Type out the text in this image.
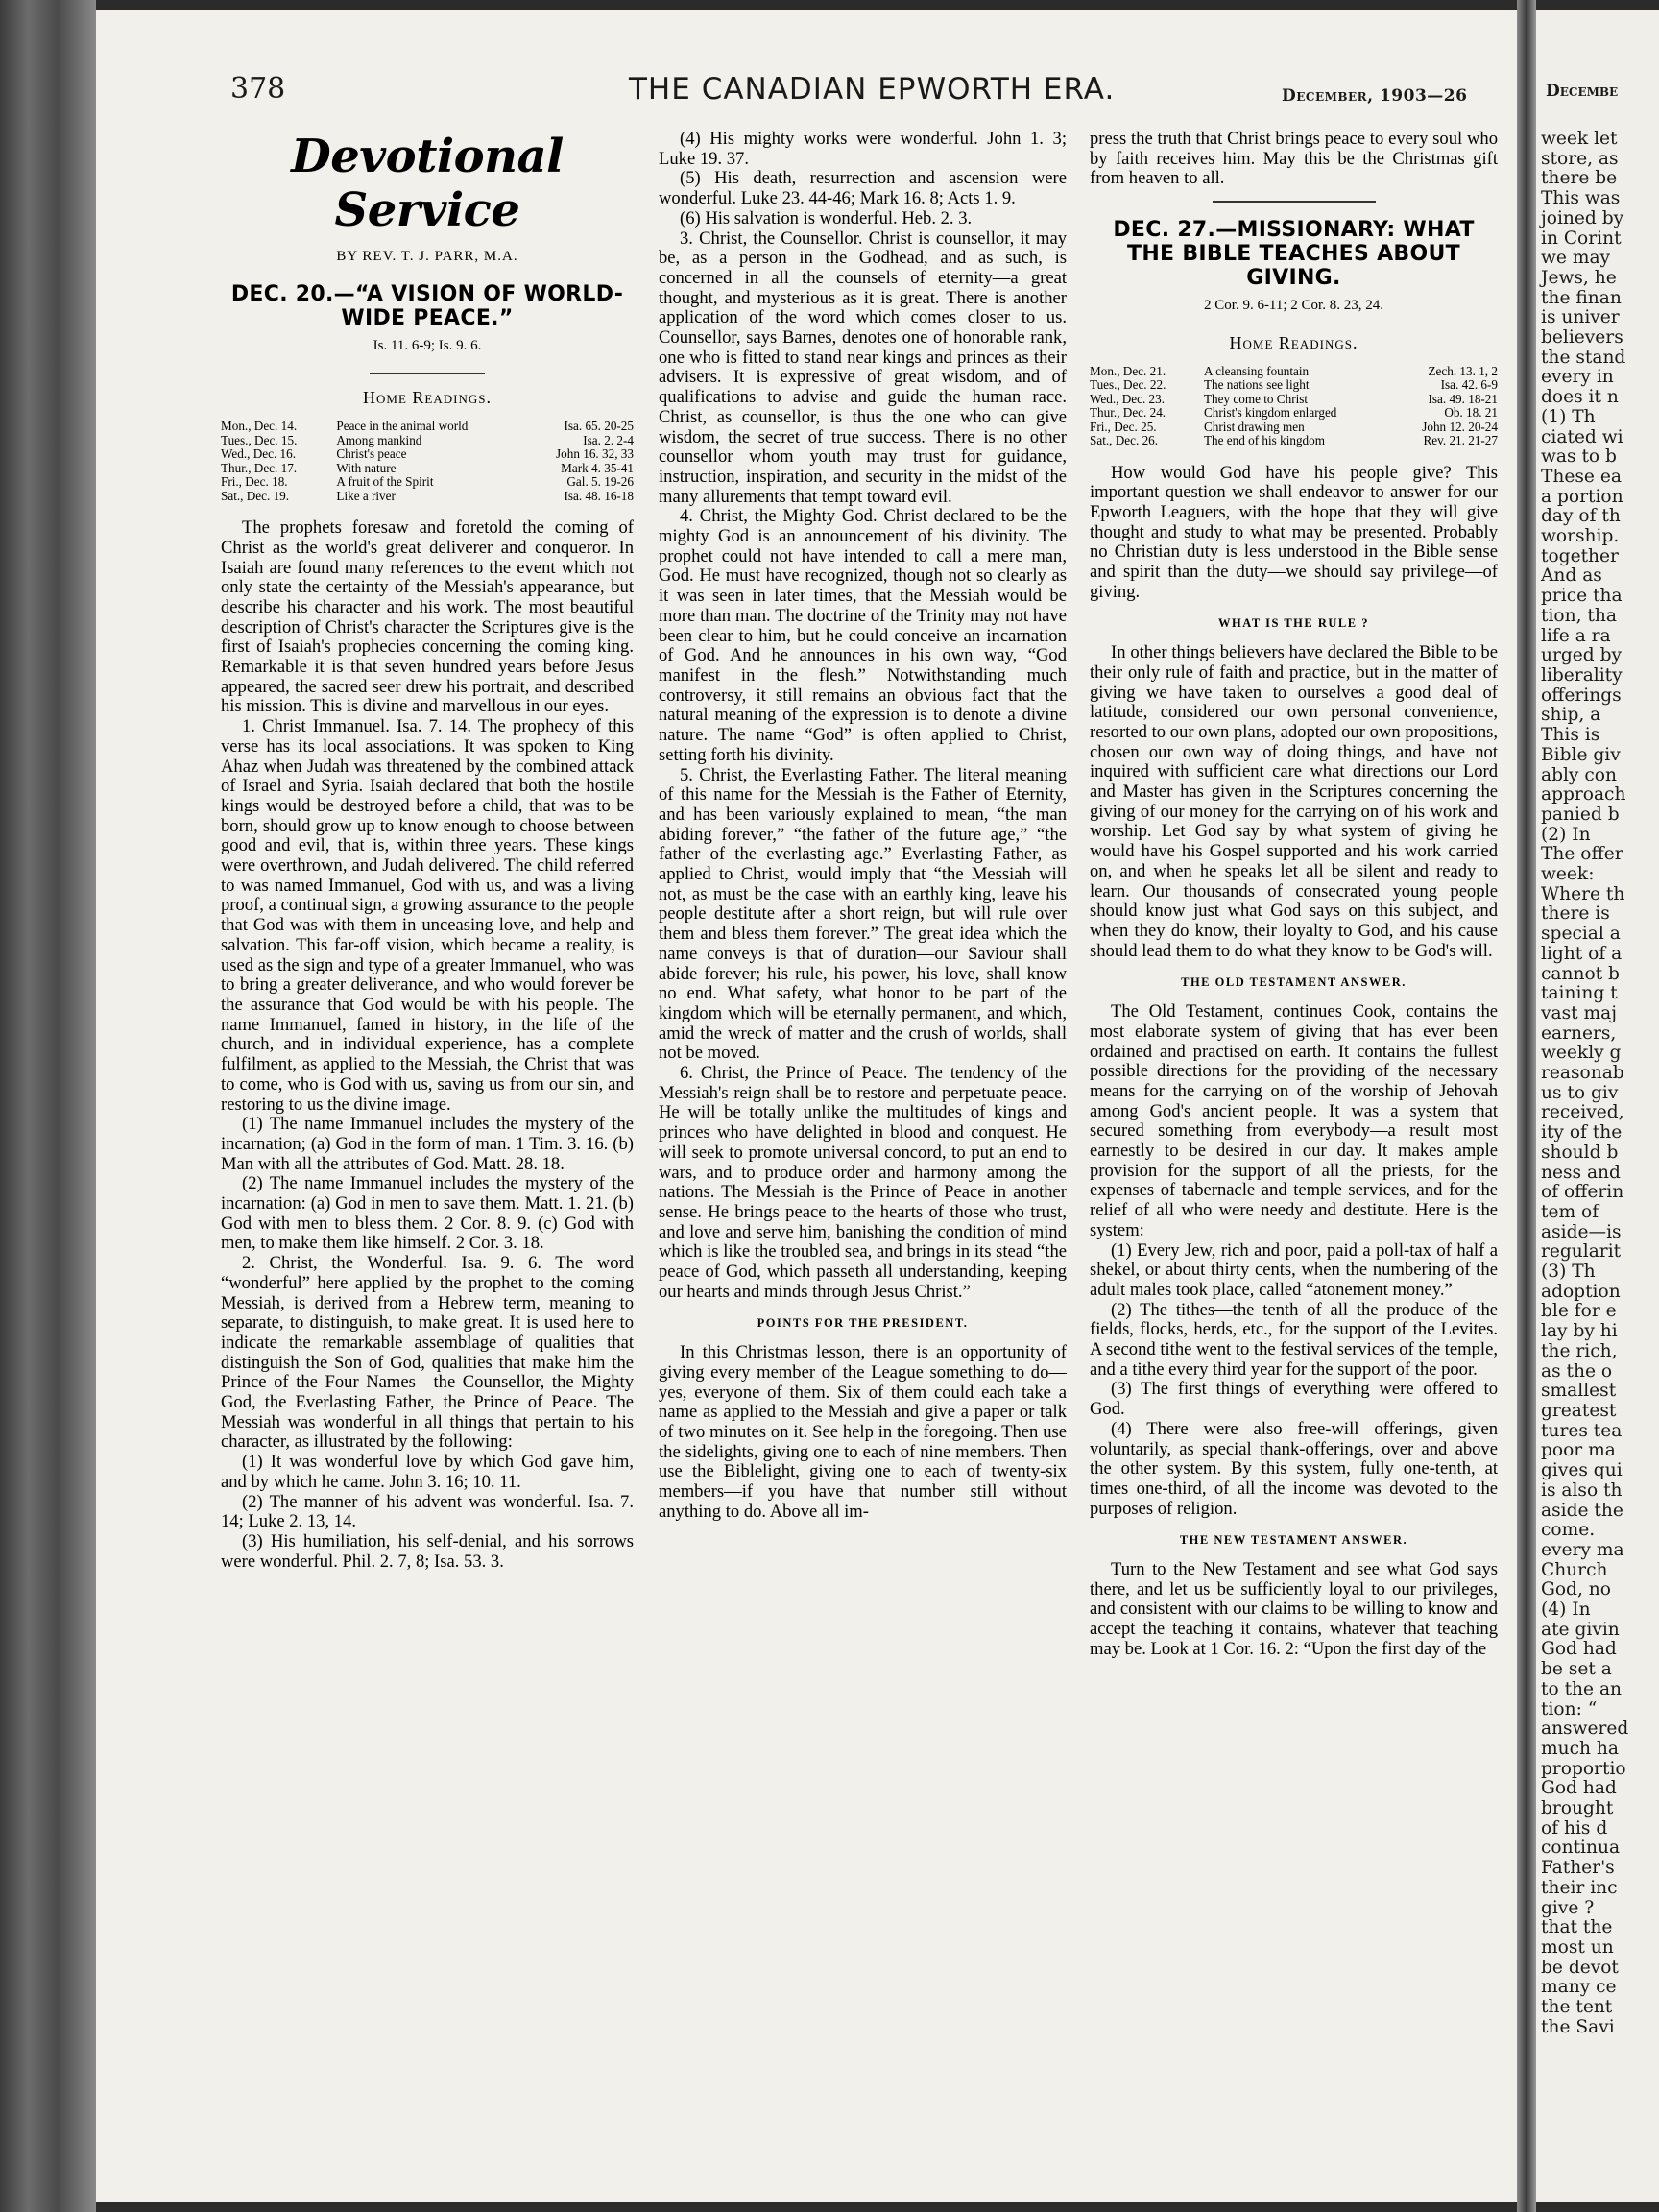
378	THE CANADIAN EPWORTH ERA.	December, 1903—26
Devotional Service
BY REV. T. J. PARR, M.A.
DEC. 20.—“A VISION OF WORLD-WIDE PEACE.”
Is. 11. 6-9; Is. 9. 6.
Home Readings.
Mon., Dec. 14.	Peace in the animal world	Isa. 65. 20-25
Tues., Dec. 15.	Among mankind	Isa. 2. 2-4
Wed., Dec. 16.	Christ's peace	John 16. 32, 33
Thur., Dec. 17.	With nature	Mark 4. 35-41
Fri., Dec. 18.	A fruit of the Spirit	Gal. 5. 19-26
Sat., Dec. 19.	Like a river	Isa. 48. 16-18

The prophets foresaw and foretold the coming of Christ as the world's great deliverer and conqueror. In Isaiah are found many references to the event which not only state the certainty of the Messiah's appearance, but describe his character and his work. The most beautiful description of Christ's character the Scriptures give is the first of Isaiah's prophecies concerning the coming king. Remarkable it is that seven hundred years before Jesus appeared, the sacred seer drew his portrait, and described his mission. This is divine and marvellous in our eyes.

1. Christ Immanuel. Isa. 7. 14. The prophecy of this verse has its local associations. It was spoken to King Ahaz when Judah was threatened by the combined attack of Israel and Syria. Isaiah declared that both the hostile kings would be destroyed before a child, that was to be born, should grow up to know enough to choose between good and evil, that is, within three years. These kings were overthrown, and Judah delivered. The child referred to was named Immanuel, God with us, and was a living proof, a continual sign, a growing assurance to the people that God was with them in unceasing love, and help and salvation. This far-off vision, which became a reality, is used as the sign and type of a greater Immanuel, who was to bring a greater deliverance, and who would forever be the assurance that God would be with his people. The name Immanuel, famed in history, in the life of the church, and in individual experience, has a complete fulfilment, as applied to the Messiah, the Christ that was to come, who is God with us, saving us from our sin, and restoring to us the divine image.

(1) The name Immanuel includes the mystery of the incarnation; (a) God in the form of man. 1 Tim. 3. 16. (b) Man with all the attributes of God. Matt. 28. 18.

(2) The name Immanuel includes the mystery of the incarnation: (a) God in men to save them. Matt. 1. 21. (b) God with men to bless them. 2 Cor. 8. 9. (c) God with men, to make them like himself. 2 Cor. 3. 18.

2. Christ, the Wonderful. Isa. 9. 6. The word “wonderful” here applied by the prophet to the coming Messiah, is derived from a Hebrew term, meaning to separate, to distinguish, to make great. It is used here to indicate the remarkable assemblage of qualities that distinguish the Son of God, qualities that make him the Prince of the Four Names—the Counsellor, the Mighty God, the Everlasting Father, the Prince of Peace. The Messiah was wonderful in all things that pertain to his character, as illustrated by the following:

(1) It was wonderful love by which God gave him, and by which he came. John 3. 16; 10. 11.

(2) The manner of his advent was wonderful. Isa. 7. 14; Luke 2. 13, 14.

(3) His humiliation, his self-denial, and his sorrows were wonderful. Phil. 2. 7, 8; Isa. 53. 3.

(4) His mighty works were wonderful. John 1. 3; Luke 19. 37.

(5) His death, resurrection and ascension were wonderful. Luke 23. 44-46; Mark 16. 8; Acts 1. 9.

(6) His salvation is wonderful. Heb. 2. 3.

3. Christ, the Counsellor. Christ is counsellor, it may be, as a person in the Godhead, and as such, is concerned in all the counsels of eternity—a great thought, and mysterious as it is great. There is another application of the word which comes closer to us. Counsellor, says Barnes, denotes one of honorable rank, one who is fitted to stand near kings and princes as their advisers. It is expressive of great wisdom, and of qualifications to advise and guide the human race. Christ, as counsellor, is thus the one who can give wisdom, the secret of true success. There is no other counsellor whom youth may trust for guidance, instruction, inspiration, and security in the midst of the many allurements that tempt toward evil.

4. Christ, the Mighty God. Christ declared to be the mighty God is an announcement of his divinity. The prophet could not have intended to call a mere man, God. He must have recognized, though not so clearly as it was seen in later times, that the Messiah would be more than man. The doctrine of the Trinity may not have been clear to him, but he could conceive an incarnation of God. And he announces in his own way, “God manifest in the flesh.” Notwithstanding much controversy, it still remains an obvious fact that the natural meaning of the expression is to denote a divine nature. The name “God” is often applied to Christ, setting forth his divinity.

5. Christ, the Everlasting Father. The literal meaning of this name for the Messiah is the Father of Eternity, and has been variously explained to mean, “the man abiding forever,” “the father of the future age,” “the father of the everlasting age.” Everlasting Father, as applied to Christ, would imply that “the Messiah will not, as must be the case with an earthly king, leave his people destitute after a short reign, but will rule over them and bless them forever.” The great idea which the name conveys is that of duration—our Saviour shall abide forever; his rule, his power, his love, shall know no end. What safety, what honor to be part of the kingdom which will be eternally permanent, and which, amid the wreck of matter and the crush of worlds, shall not be moved.

6. Christ, the Prince of Peace. The tendency of the Messiah's reign shall be to restore and perpetuate peace. He will be totally unlike the multitudes of kings and princes who have delighted in blood and conquest. He will seek to promote universal concord, to put an end to wars, and to produce order and harmony among the nations. The Messiah is the Prince of Peace in another sense. He brings peace to the hearts of those who trust, and love and serve him, banishing the condition of mind which is like the troubled sea, and brings in its stead “the peace of God, which passeth all understanding, keeping our hearts and minds through Jesus Christ.”

POINTS FOR THE PRESIDENT.

In this Christmas lesson, there is an opportunity of giving every member of the League something to do—yes, everyone of them. Six of them could each take a name as applied to the Messiah and give a paper or talk of two minutes on it. See help in the foregoing. Then use the sidelights, giving one to each of nine members. Then use the Biblelight, giving one to each of twenty-six members—if you have that number still without anything to do. Above all im-

press the truth that Christ brings peace to every soul who by faith receives him. May this be the Christmas gift from heaven to all.

DEC. 27.—MISSIONARY: WHAT THE BIBLE TEACHES ABOUT GIVING.
2 Cor. 9. 6-11; 2 Cor. 8. 23, 24.
Home Readings.
Mon., Dec. 21.	A cleansing fountain	Zech. 13. 1, 2
Tues., Dec. 22.	The nations see light	Isa. 42. 6-9
Wed., Dec. 23.	They come to Christ	Isa. 49. 18-21
Thur., Dec. 24.	Christ's kingdom enlarged	Ob. 18. 21
Fri., Dec. 25.	Christ drawing men	John 12. 20-24
Sat., Dec. 26.	The end of his kingdom	Rev. 21. 21-27

How would God have his people give? This important question we shall endeavor to answer for our Epworth Leaguers, with the hope that they will give thought and study to what may be presented. Probably no Christian duty is less understood in the Bible sense and spirit than the duty—we should say privilege—of giving.

WHAT IS THE RULE ?

In other things believers have declared the Bible to be their only rule of faith and practice, but in the matter of giving we have taken to ourselves a good deal of latitude, considered our own personal convenience, resorted to our own plans, adopted our own propositions, chosen our own way of doing things, and have not inquired with sufficient care what directions our Lord and Master has given in the Scriptures concerning the giving of our money for the carrying on of his work and worship. Let God say by what system of giving he would have his Gospel supported and his work carried on, and when he speaks let all be silent and ready to learn. Our thousands of consecrated young people should know just what God says on this subject, and when they do know, their loyalty to God, and his cause should lead them to do what they know to be God's will.

THE OLD TESTAMENT ANSWER.

The Old Testament, continues Cook, contains the most elaborate system of giving that has ever been ordained and practised on earth. It contains the fullest possible directions for the providing of the necessary means for the carrying on of the worship of Jehovah among God's ancient people. It was a system that secured something from everybody—a result most earnestly to be desired in our day. It makes ample provision for the support of all the priests, for the expenses of tabernacle and temple services, and for the relief of all who were needy and destitute. Here is the system:

(1) Every Jew, rich and poor, paid a poll-tax of half a shekel, or about thirty cents, when the numbering of the adult males took place, called “atonement money.”

(2) The tithes—the tenth of all the produce of the fields, flocks, herds, etc., for the support of the Levites. A second tithe went to the festival services of the temple, and a tithe every third year for the support of the poor.

(3) The first things of everything were offered to God.

(4) There were also free-will offerings, given voluntarily, as special thank-offerings, over and above the other system. By this system, fully one-tenth, at times one-third, of all the income was devoted to the purposes of religion.

THE NEW TESTAMENT ANSWER.

Turn to the New Testament and see what God says there, and let us be sufficiently loyal to our privileges, and consistent with our claims to be willing to know and accept the teaching it contains, whatever that teaching may be. Look at 1 Cor. 16. 2: “Upon the first day of the

Decembe
week let
store, as
there be
This was
joined by
in Corint
we may
Jews, he
the finan
is univer
believers
the stand
every in
does it n
(1) Th
ciated wi
was to b
These ea
a portion
day of th
worship.
together
And as
price tha
tion, tha
life a ra
urged by
liberality
offerings
ship, a
This is
Bible giv
ably con
approach
panied b
(2) In
The offer
week:
Where th
there is
special a
light of a
cannot b
taining t
vast maj
earners,
weekly g
reasonab
us to giv
received,
ity of the
should b
ness and
of offerin
tem of
aside—is
regularit
(3) Th
adoption
ble for e
lay by hi
the rich,
as the o
smallest
greatest
tures tea
poor ma
gives qui
is also th
aside the
come.
every ma
Church
God, no
(4) In
ate givin
God had
be set a
to the an
tion: “
answered
much ha
proportio
God had
brought
of his d
continua
Father's
their inc
give ?
that the
most un
be devot
many ce
the tent
the Savi
